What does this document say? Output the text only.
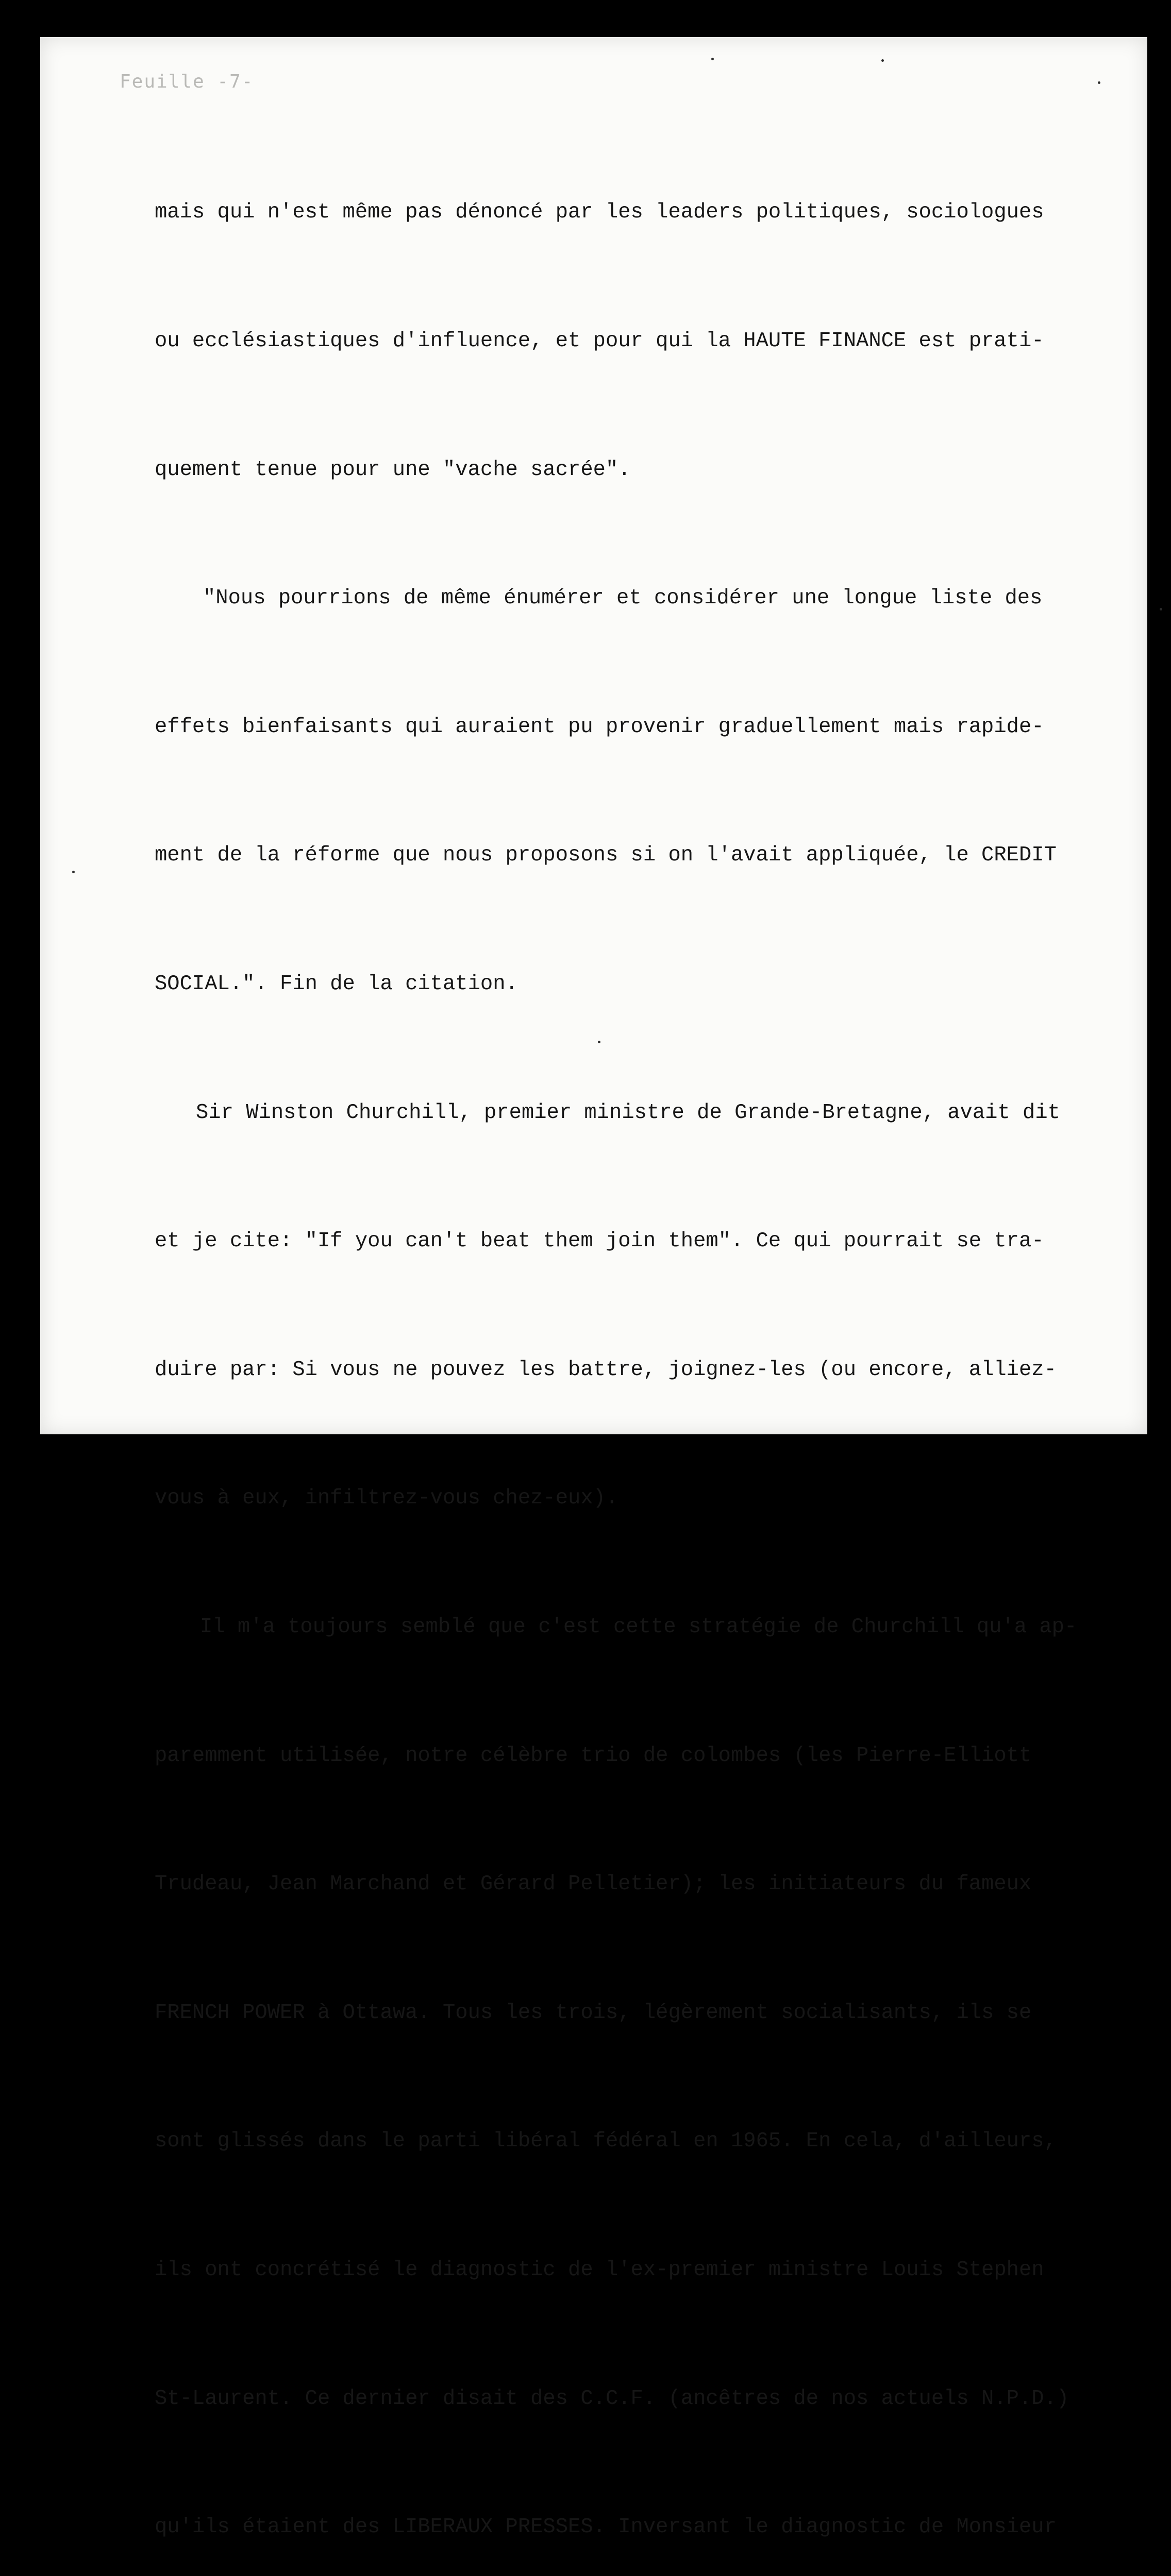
Feuille -7-

mais qui n'est même pas dénoncé par les leaders politiques, sociologues

ou ecclésiastiques d'influence, et pour qui la HAUTE FINANCE est prati-

quement tenue pour une "vache sacrée".

"Nous pourrions de même énumérer et considérer une longue liste des

effets bienfaisants qui auraient pu provenir graduellement mais rapide-

ment de la réforme que nous proposons si on l'avait appliquée, le CREDIT

SOCIAL.". Fin de la citation.

Sir Winston Churchill, premier ministre de Grande-Bretagne, avait dit

et je cite: "If you can't beat them join them". Ce qui pourrait se tra-

duire par: Si vous ne pouvez les battre, joignez-les (ou encore, alliez-

vous à eux, infiltrez-vous chez-eux).

Il m'a toujours semblé que c'est cette stratégie de Churchill qu'a ap-

paremment utilisée, notre célèbre trio de colombes (les Pierre-Elliott

Trudeau, Jean Marchand et Gérard Pelletier); les initiateurs du fameux

FRENCH POWER à Ottawa. Tous les trois, légèrement socialisants, ils se

sont glissés dans le parti libéral fédéral en 1965. En cela, d'ailleurs,

ils ont concrétisé le diagnostic de l'ex-premier ministre Louis Stephen

St-Laurent. Ce dernier disait des C.C.F. (ancêtres de nos actuels N.P.D.)

qu'ils étaient des LIBERAUX PRESSES. Inversant le diagnostic de Monsieur
